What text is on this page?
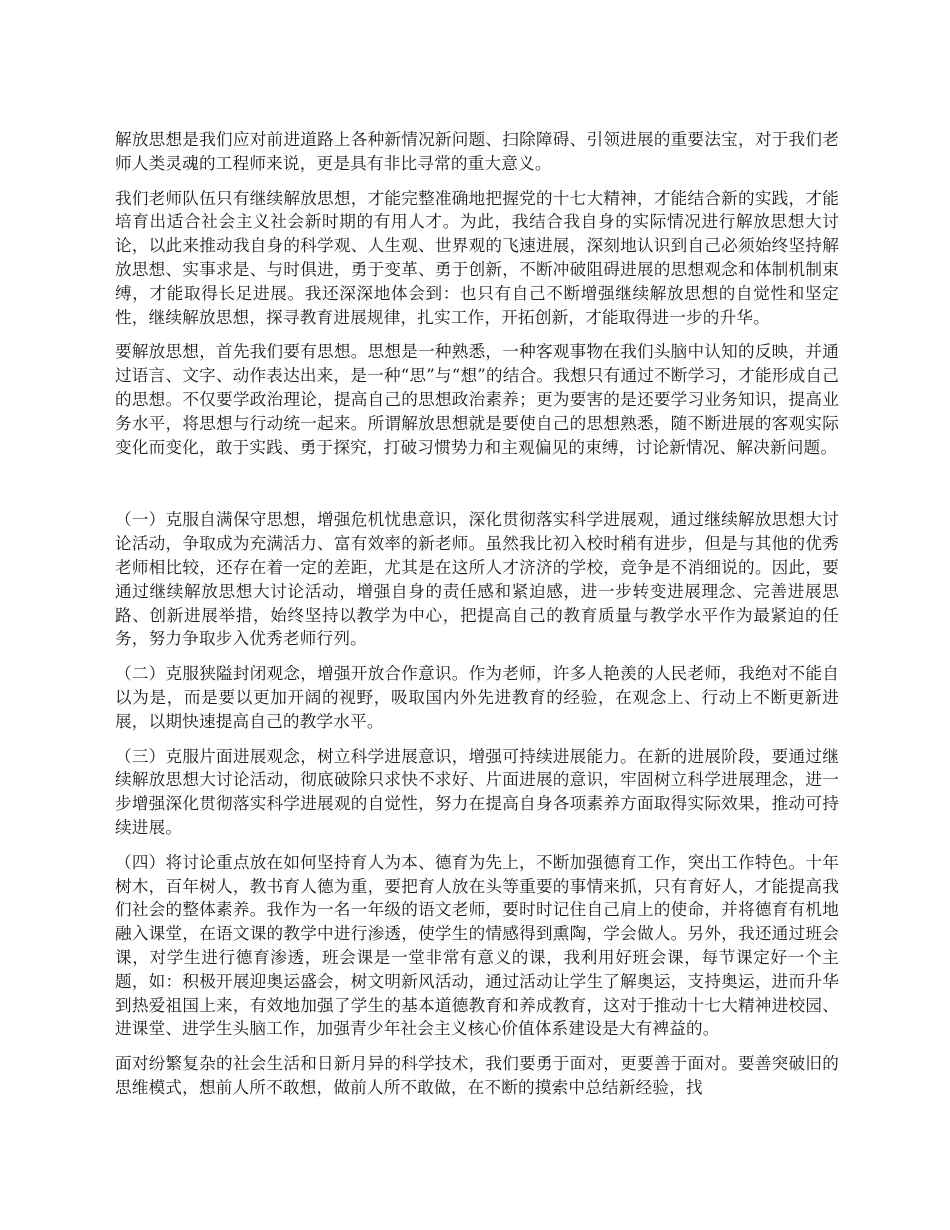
解放思想是我们应对前进道路上各种新情况新问题、扫除障碍、引领进展的重要法宝，对于我们老师人类灵魂的工程师来说，更是具有非比寻常的重大意义。

我们老师队伍只有继续解放思想，才能完整准确地把握党的十七大精神，才能结合新的实践，才能培育出适合社会主义社会新时期的有用人才。为此，我结合我自身的实际情况进行解放思想大讨论，以此来推动我自身的科学观、人生观、世界观的飞速进展，深刻地认识到自己必须始终坚持解放思想、实事求是、与时俱进，勇于变革、勇于创新，不断冲破阻碍进展的思想观念和体制机制束缚，才能取得长足进展。我还深深地体会到：也只有自己不断增强继续解放思想的自觉性和坚定性，继续解放思想，探寻教育进展规律，扎实工作，开拓创新，才能取得进一步的升华。

要解放思想，首先我们要有思想。思想是一种熟悉，一种客观事物在我们头脑中认知的反映，并通过语言、文字、动作表达出来，是一种“思”与“想”的结合。我想只有通过不断学习，才能形成自己的思想。不仅要学政治理论，提高自己的思想政治素养；更为要害的是还要学习业务知识，提高业务水平，将思想与行动统一起来。所谓解放思想就是要使自己的思想熟悉，随不断进展的客观实际变化而变化，敢于实践、勇于探究，打破习惯势力和主观偏见的束缚，讨论新情况、解决新问题。

（一）克服自满保守思想，增强危机忧患意识，深化贯彻落实科学进展观，通过继续解放思想大讨论活动，争取成为充满活力、富有效率的新老师。虽然我比初入校时稍有进步，但是与其他的优秀老师相比较，还存在着一定的差距，尤其是在这所人才济济的学校，竞争是不消细说的。因此，要通过继续解放思想大讨论活动，增强自身的责任感和紧迫感，进一步转变进展理念、完善进展思路、创新进展举措，始终坚持以教学为中心，把提高自己的教育质量与教学水平作为最紧迫的任务，努力争取步入优秀老师行列。

（二）克服狭隘封闭观念，增强开放合作意识。作为老师，许多人艳羡的人民老师，我绝对不能自以为是，而是要以更加开阔的视野，吸取国内外先进教育的经验，在观念上、行动上不断更新进展，以期快速提高自己的教学水平。

（三）克服片面进展观念，树立科学进展意识，增强可持续进展能力。在新的进展阶段，要通过继续解放思想大讨论活动，彻底破除只求快不求好、片面进展的意识，牢固树立科学进展理念，进一步增强深化贯彻落实科学进展观的自觉性，努力在提高自身各项素养方面取得实际效果，推动可持续进展。

（四）将讨论重点放在如何坚持育人为本、德育为先上，不断加强德育工作，突出工作特色。十年树木，百年树人，教书育人德为重，要把育人放在头等重要的事情来抓，只有育好人，才能提高我们社会的整体素养。我作为一名一年级的语文老师，要时时记住自己肩上的使命，并将德育有机地融入课堂，在语文课的教学中进行渗透，使学生的情感得到熏陶，学会做人。另外，我还通过班会课，对学生进行德育渗透，班会课是一堂非常有意义的课，我利用好班会课，每节课定好一个主题，如：积极开展迎奥运盛会，树文明新风活动，通过活动让学生了解奥运，支持奥运，进而升华到热爱祖国上来，有效地加强了学生的基本道德教育和养成教育，这对于推动十七大精神进校园、进课堂、进学生头脑工作，加强青少年社会主义核心价值体系建设是大有裨益的。

面对纷繁复杂的社会生活和日新月异的科学技术，我们要勇于面对，更要善于面对。要善突破旧的思维模式，想前人所不敢想，做前人所不敢做，在不断的摸索中总结新经验，找
